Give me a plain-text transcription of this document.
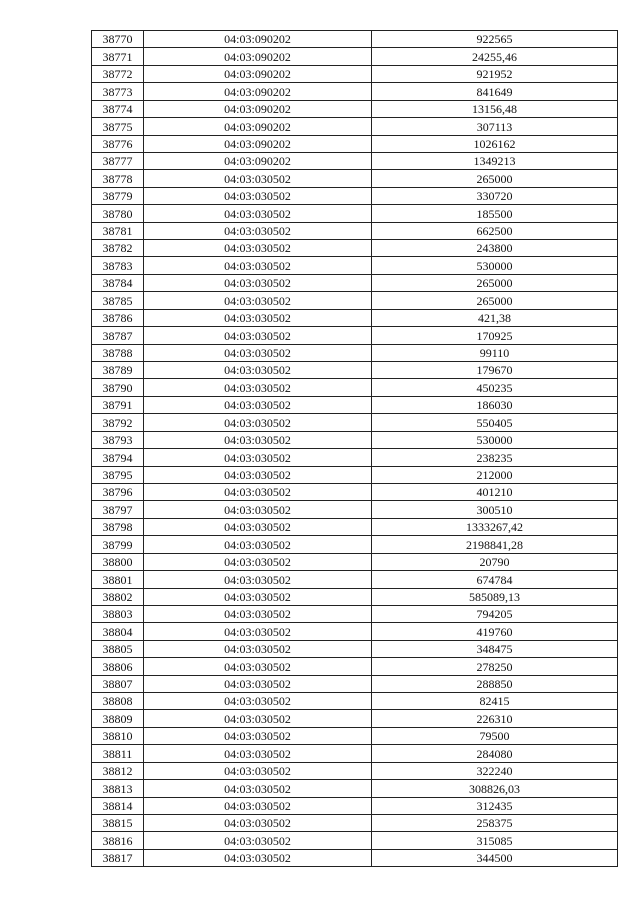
38770	04:03:090202	922565
38771	04:03:090202	24255,46
38772	04:03:090202	921952
38773	04:03:090202	841649
38774	04:03:090202	13156,48
38775	04:03:090202	307113
38776	04:03:090202	1026162
38777	04:03:090202	1349213
38778	04:03:030502	265000
38779	04:03:030502	330720
38780	04:03:030502	185500
38781	04:03:030502	662500
38782	04:03:030502	243800
38783	04:03:030502	530000
38784	04:03:030502	265000
38785	04:03:030502	265000
38786	04:03:030502	421,38
38787	04:03:030502	170925
38788	04:03:030502	99110
38789	04:03:030502	179670
38790	04:03:030502	450235
38791	04:03:030502	186030
38792	04:03:030502	550405
38793	04:03:030502	530000
38794	04:03:030502	238235
38795	04:03:030502	212000
38796	04:03:030502	401210
38797	04:03:030502	300510
38798	04:03:030502	1333267,42
38799	04:03:030502	2198841,28
38800	04:03:030502	20790
38801	04:03:030502	674784
38802	04:03:030502	585089,13
38803	04:03:030502	794205
38804	04:03:030502	419760
38805	04:03:030502	348475
38806	04:03:030502	278250
38807	04:03:030502	288850
38808	04:03:030502	82415
38809	04:03:030502	226310
38810	04:03:030502	79500
38811	04:03:030502	284080
38812	04:03:030502	322240
38813	04:03:030502	308826,03
38814	04:03:030502	312435
38815	04:03:030502	258375
38816	04:03:030502	315085
38817	04:03:030502	344500
